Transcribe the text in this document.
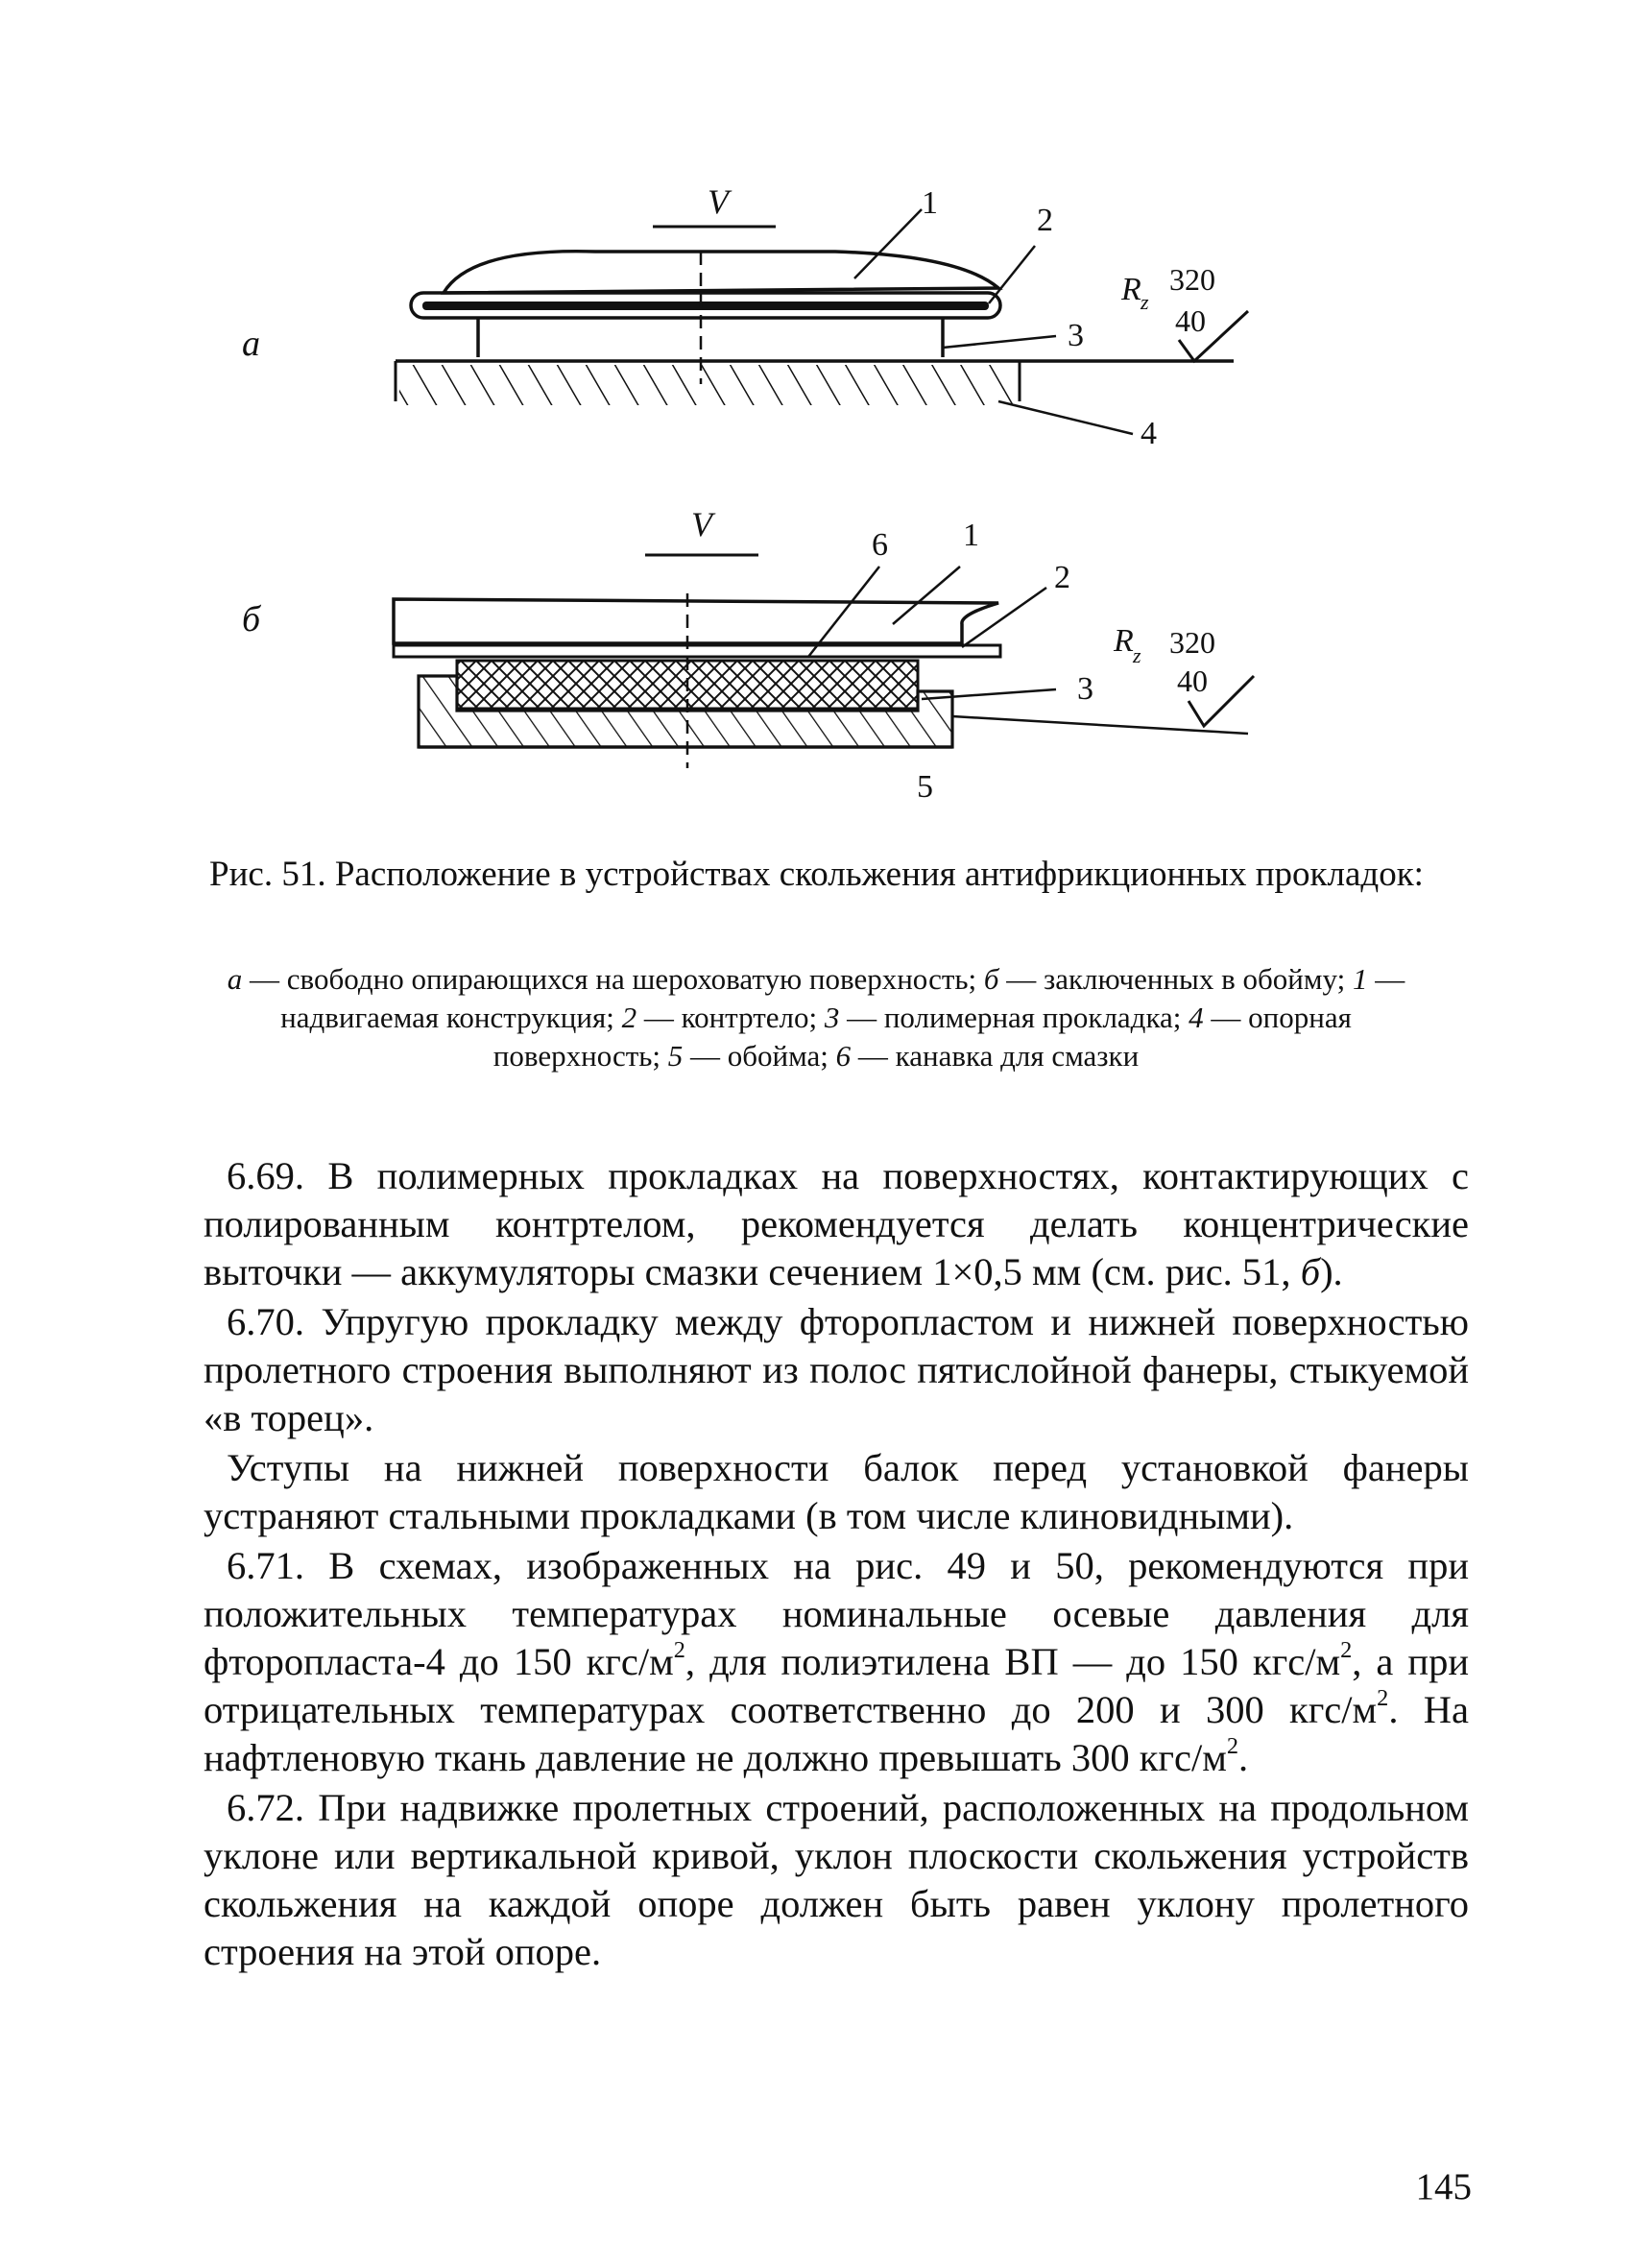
а
V	1	2
3
4
R z
320
40
б
V
6 1
2
3
5
R z 320
40
Рис. 51. Расположение в устройствах скольжения антифрикционных прокладок:
а — свободно опирающихся на шероховатую поверхность; б — заключенных в обойму; 1 — надвигаемая конструкция; 2 — контртело; 3 — полимерная прокладка; 4 — опорная поверхность; 5 — обойма; 6 — канавка для смазки

6.69. В полимерных прокладках на поверхностях, контактирующих с полированным контртелом, рекомендуется делать концентрические выточки — аккумуляторы смазки сечением 1×0,5 мм (см. рис. 51, б).

6.70. Упругую прокладку между фторопластом и нижней поверхностью пролетного строения выполняют из полос пятислойной фанеры, стыкуемой «в торец».

Уступы на нижней поверхности балок перед установкой фанеры устраняют стальными прокладками (в том числе клиновидными).

6.71. В схемах, изображенных на рис. 49 и 50, рекомендуются при положительных температурах номинальные осевые давления для фторопласта-4 до 150 кгс/$м^2$, для полиэтилена ВП — до 150 кгс/$м^2$, а при отрицательных температурах соответственно до 200 и 300 кгс/$м^2$. На нафтленовую ткань давление не должно превышать 300 кгс/$м^2$.

6.72. При надвижке пролетных строений, расположенных на продольном уклоне или вертикальной кривой, уклон плоскости скольжения устройств скольжения на каждой опоре должен быть равен уклону пролетного строения на этой опоре.

145
